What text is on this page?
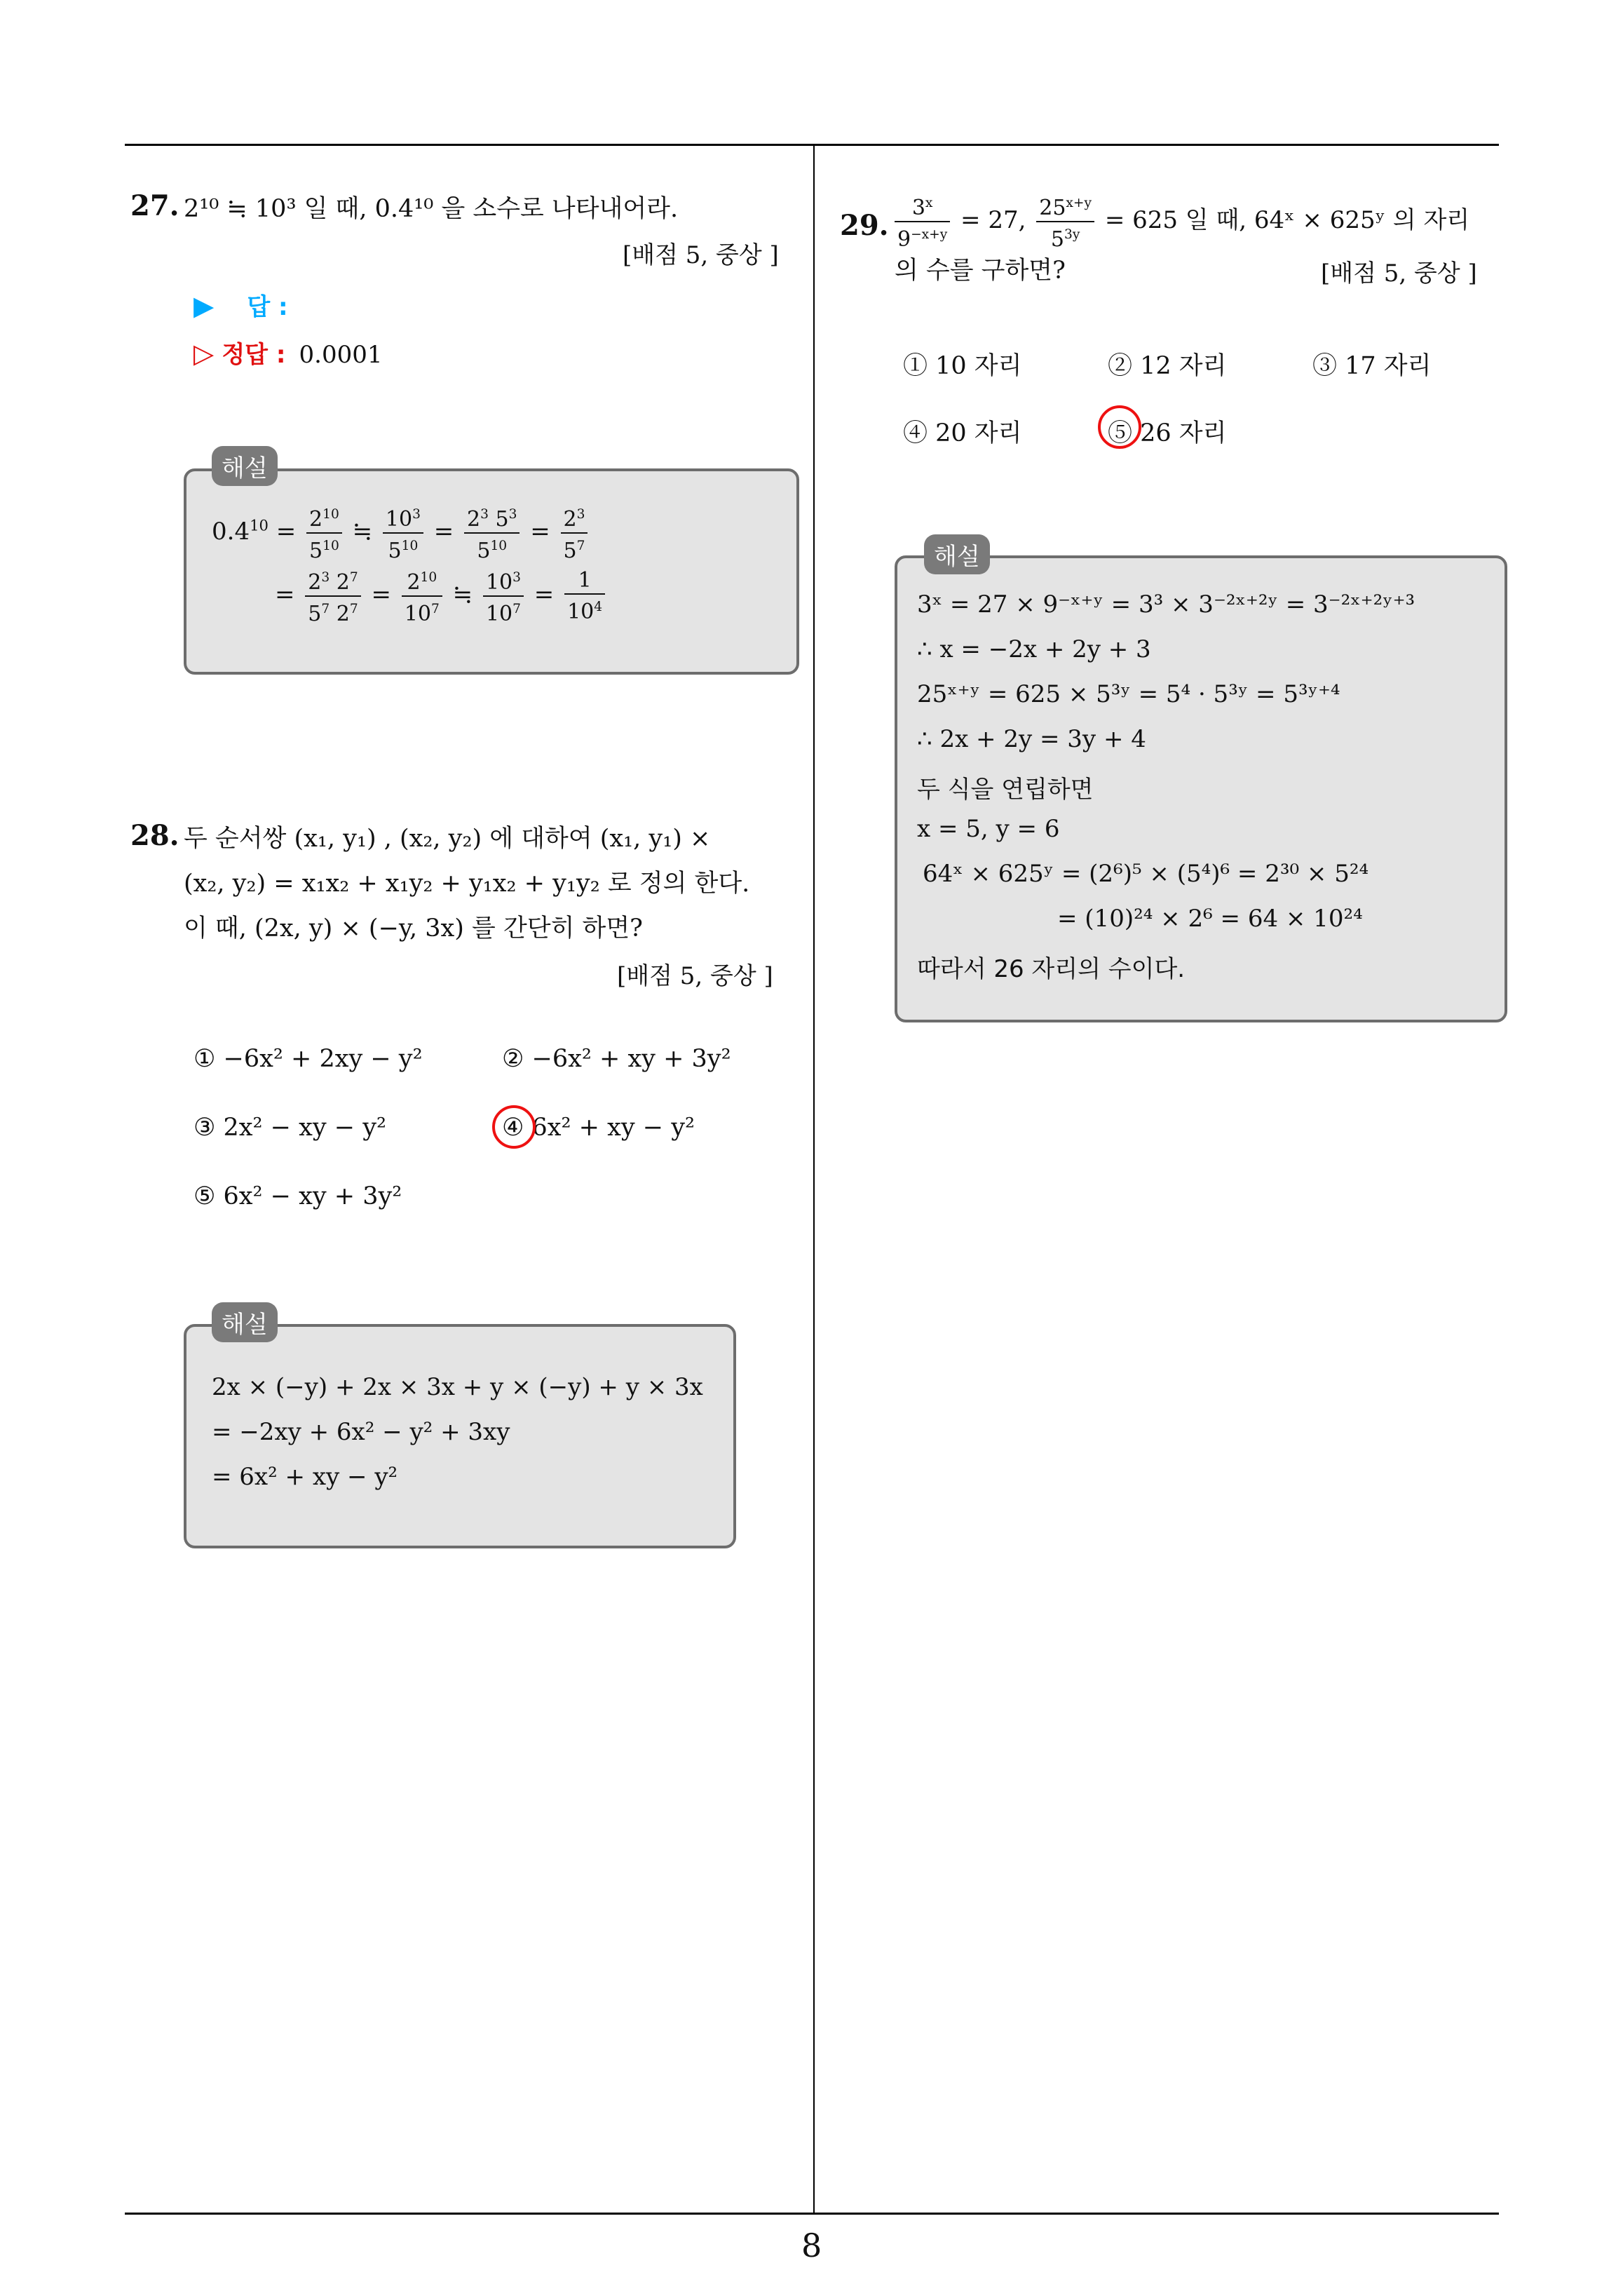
8
27. 2¹⁰ ≒ 10³ 일 때, 0.4¹⁰ 을 소수로 나타내어라.
[배점 5, 중상 ]
▶ 답 :
▷ 정답 : 0.0001
해설
$0.4^{10} = \frac{2^{10}}{5^{10}}$ ≒ $\frac{10^3}{5^{10}} = \frac{2^3 5^3}{5^{10}} = \frac{2^3}{5^7}$
= $\frac{2^3 2^7}{5^7 2^7} = \frac{2^{10}}{10^7}$ ≒ $\frac{10^3}{10^7} = \frac{1}{10^4}$
28. 두 순서쌍 (x₁, y₁) , (x₂, y₂) 에 대하여 (x₁, y₁) ×
(x₂, y₂) = x₁x₂ + x₁y₂ + y₁x₂ + y₁y₂ 로 정의 한다.
이 때, (2x, y) × (−y, 3x) 를 간단히 하면?
[배점 5, 중상 ]
① −6x² + 2xy − y²	② −6x² + xy + 3y²
③ 2x² − xy − y²	④ 6x² + xy − y²
⑤ 6x² − xy + 3y²
해설
2x × (−y) + 2x × 3x + y × (−y) + y × 3x
= −2xy + 6x² − y² + 3xy
= 6x² + xy − y²
29. $\frac{3^x}{9^{-x+y}} = 27$, $\frac{25^{x+y}}{5^{3y}} = 625$ 일 때, 64ˣ × 625ʸ 의 자리
의 수를 구하면?	[배점 5, 중상 ]
① 10 자리	② 12 자리	③ 17 자리
④ 20 자리	⑤ 26 자리
해설
3ˣ = 27 × 9⁻ˣ⁺ʸ = 3³ × 3⁻²ˣ⁺²ʸ = 3⁻²ˣ⁺²ʸ⁺³
∴ x = −2x + 2y + 3
25ˣ⁺ʸ = 625 × 5³ʸ = 5⁴ · 5³ʸ = 5³ʸ⁺⁴
∴ 2x + 2y = 3y + 4
두 식을 연립하면
x = 5, y = 6
64ˣ × 625ʸ = (2⁶)⁵ × (5⁴)⁶ = 2³⁰ × 5²⁴
= (10)²⁴ × 2⁶ = 64 × 10²⁴
따라서 26 자리의 수이다.
